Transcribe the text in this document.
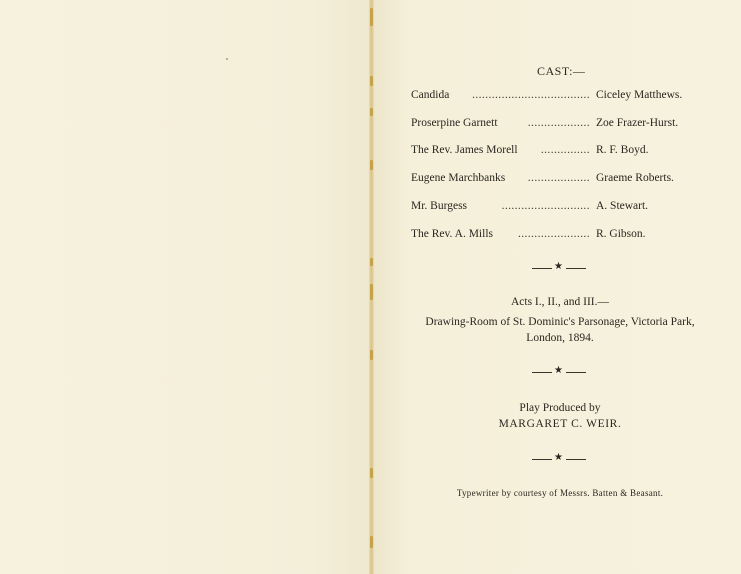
CAST:—
Candida .................................... Ciceley Matthews.
Proserpine Garnett	................... Zoe Frazer-Hurst.
The Rev. James Morell ............... R. F. Boyd.
Eugene Marchbanks ................... Graeme Roberts.
Mr. Burgess	........................... A. Stewart.
The Rev. A. Mills ...................... R. Gibson.
★
Acts I., II., and III.—
Drawing-Room of St. Dominic's Parsonage, Victoria Park,
London, 1894.
★
Play Produced by
MARGARET C. WEIR.
★
Typewriter by courtesy of Messrs. Batten & Beasant.
